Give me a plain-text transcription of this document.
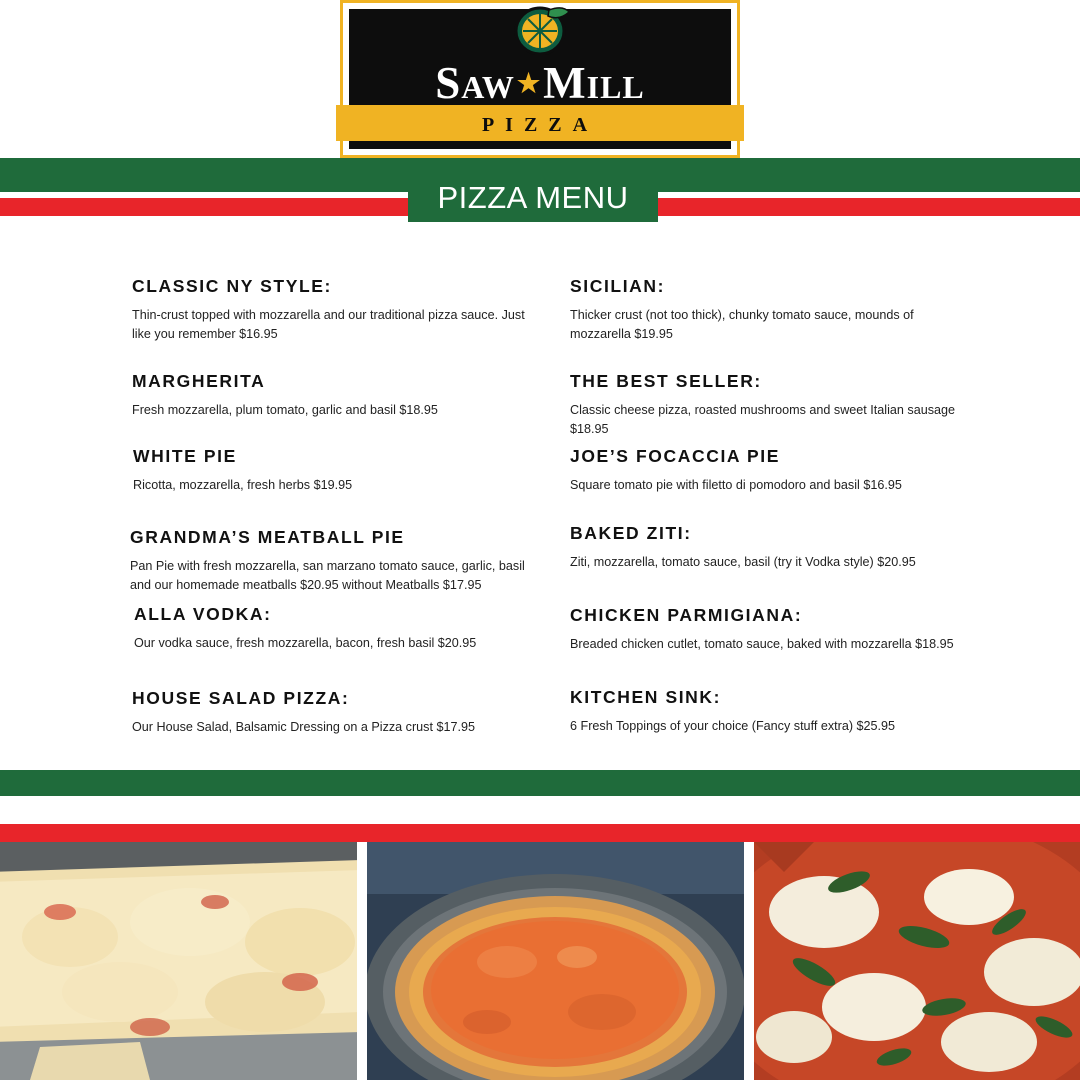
Saw★Mill
PIZZA
PIZZA MENU

CLASSIC NY STYLE:

Thin-crust topped with mozzarella and our traditional pizza sauce. Just like you remember $16.95

MARGHERITA

Fresh mozzarella, plum tomato, garlic and basil $18.95

WHITE PIE

Ricotta, mozzarella, fresh herbs $19.95

GRANDMA’S MEATBALL PIE

Pan Pie with fresh mozzarella, san marzano tomato sauce, garlic, basil and our homemade meatballs $20.95 without Meatballs $17.95

ALLA VODKA:

Our vodka sauce, fresh mozzarella, bacon, fresh basil $20.95

HOUSE SALAD PIZZA:

Our House Salad, Balsamic Dressing on a Pizza crust $17.95

SICILIAN:

Thicker crust (not too thick), chunky tomato sauce, mounds of mozzarella $19.95

THE BEST SELLER:

Classic cheese pizza, roasted mushrooms and sweet Italian sausage $18.95

JOE’S FOCACCIA PIE

Square tomato pie with filetto di pomodoro and basil $16.95

BAKED ZITI:

Ziti, mozzarella, tomato sauce, basil (try it Vodka style) $20.95

CHICKEN PARMIGIANA:

Breaded chicken cutlet, tomato sauce, baked with mozzarella $18.95

KITCHEN SINK:

6 Fresh Toppings of your choice (Fancy stuff extra) $25.95
